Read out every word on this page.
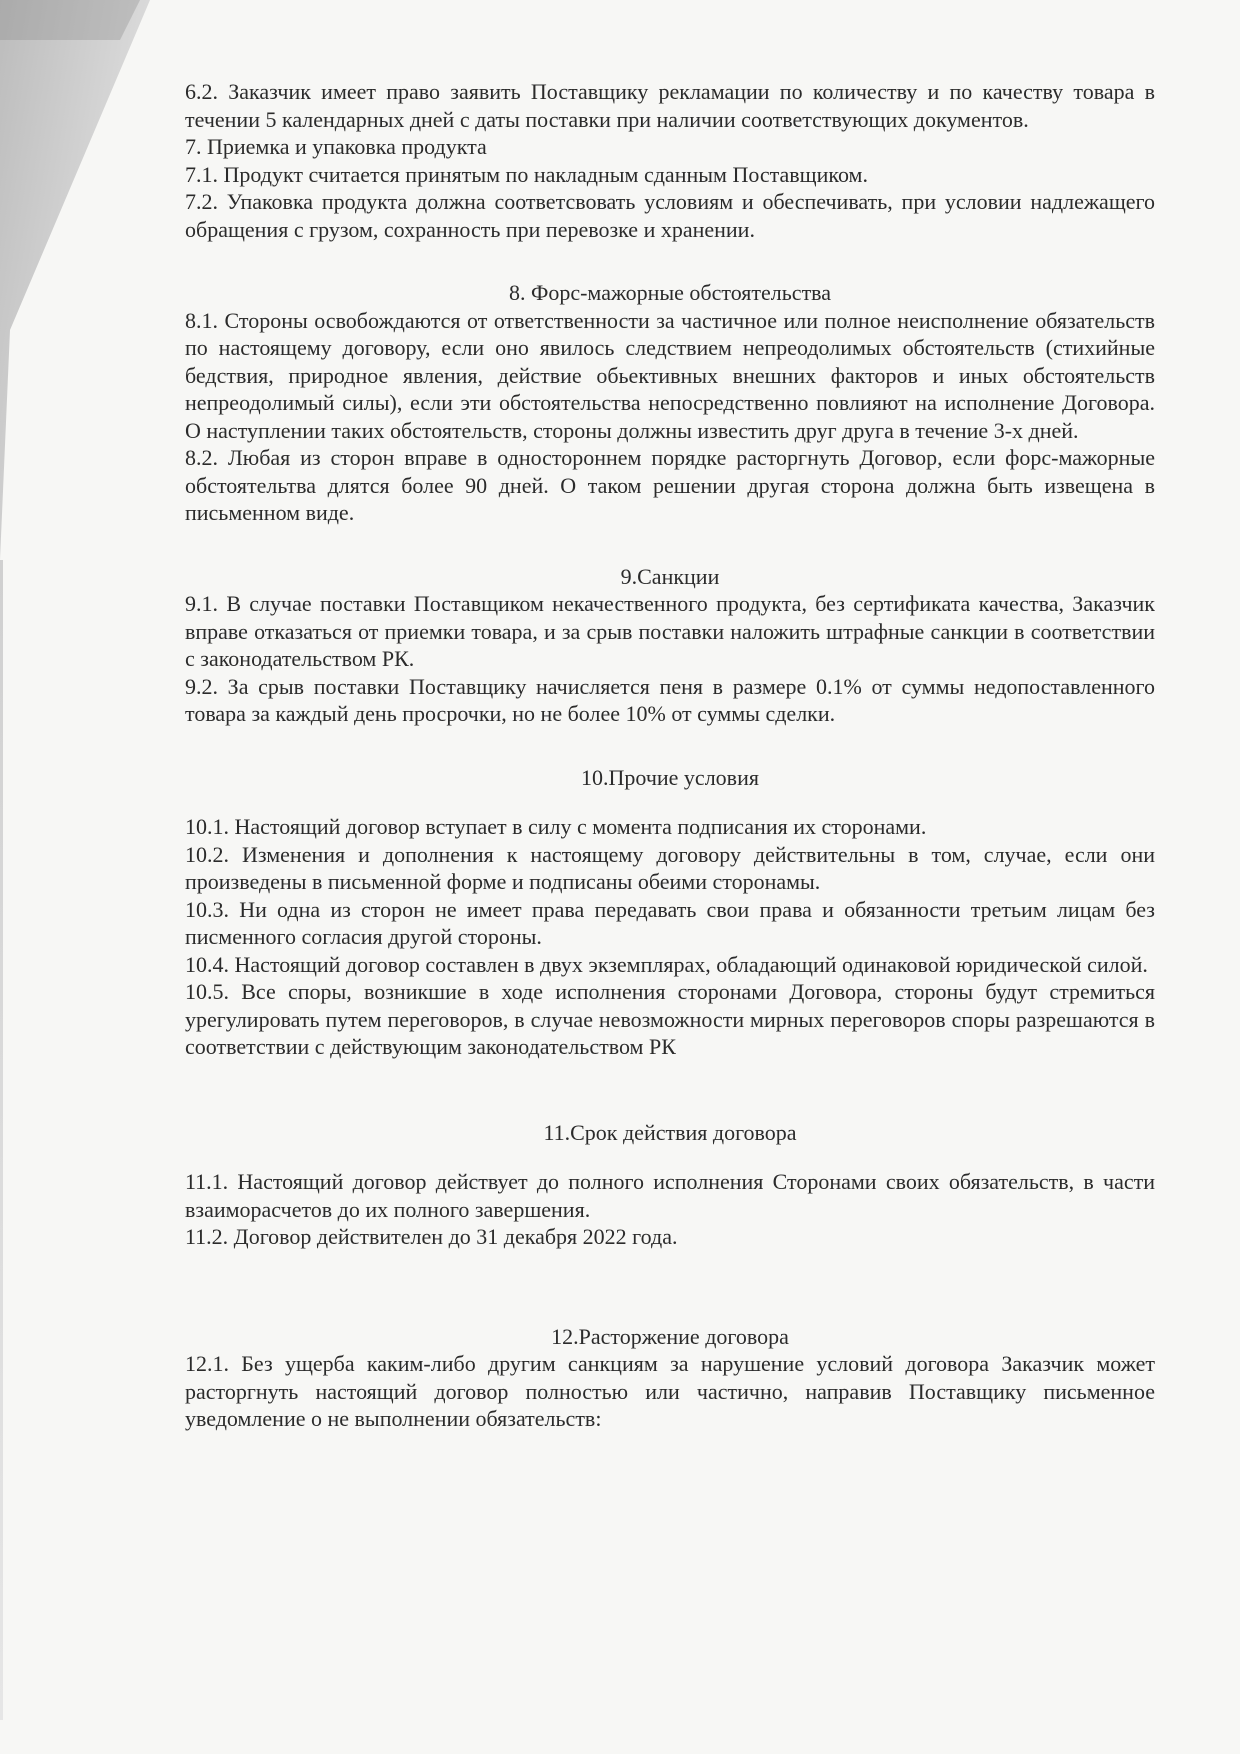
6.2. Заказчик имеет право заявить Поставщику рекламации по количеству и по качеству товара в течении 5 календарных дней с даты поставки при наличии соответствующих документов.

7. Приемка и упаковка продукта

7.1. Продукт считается принятым по накладным сданным Поставщиком.

7.2. Упаковка продукта должна соответсвовать условиям и обеспечивать, при условии надлежащего обращения с грузом, сохранность при перевозке и хранении.

8. Форс-мажорные обстоятельства

8.1. Стороны освобождаются от ответственности за частичное или полное неисполнение обязательств по настоящему договору, если оно явилось следствием непреодолимых обстоятельств (стихийные бедствия, природное явления, действие обьективных внешних факторов и иных обстоятельств непреодолимый силы), если эти обстоятельства непосредственно повлияют на исполнение Договора. О наступлении таких обстоятельств, стороны должны известить друг друга в течение 3-х дней.

8.2. Любая из сторон вправе в одностороннем порядке расторгнуть Договор, если форс-мажорные обстоятельтва длятся более 90 дней. О таком решении другая сторона должна быть извещена в письменном виде.

9.Санкции

9.1. В случае поставки Поставщиком некачественного продукта, без сертификата качества, Заказчик вправе отказаться от приемки товара, и за срыв поставки наложить штрафные санкции в соответствии с законодательством РК.

9.2. За срыв поставки Поставщику начисляется пеня в размере 0.1% от суммы недопоставленного товара за каждый день просрочки, но не более 10% от суммы сделки.

10.Прочие условия

10.1. Настоящий договор вступает в силу с момента подписания их сторонами.

10.2. Изменения и дополнения к настоящему договору действительны в том, случае, если они произведены в письменной форме и подписаны обеими сторонамы.

10.3. Ни одна из сторон не имеет права передавать свои права и обязанности третьим лицам без писменного согласия другой стороны.

10.4. Настоящий договор составлен в двух экземплярах, обладающий одинаковой юридической силой.

10.5. Все споры, возникшие в ходе исполнения сторонами Договора, стороны будут стремиться урегулировать путем переговоров, в случае невозможности мирных переговоров споры разрешаются в соответствии с действующим законодательством РК

11.Срок действия договора

11.1. Настоящий договор действует до полного исполнения Сторонами своих обязательств, в части взаиморасчетов до их полного завершения.

11.2. Договор действителен до 31 декабря 2022 года.

12.Расторжение договора

12.1. Без ущерба каким-либо другим санкциям за нарушение условий договора Заказчик может расторгнуть настоящий договор полностью или частично, направив Поставщику письменное уведомление о не выполнении обязательств:
